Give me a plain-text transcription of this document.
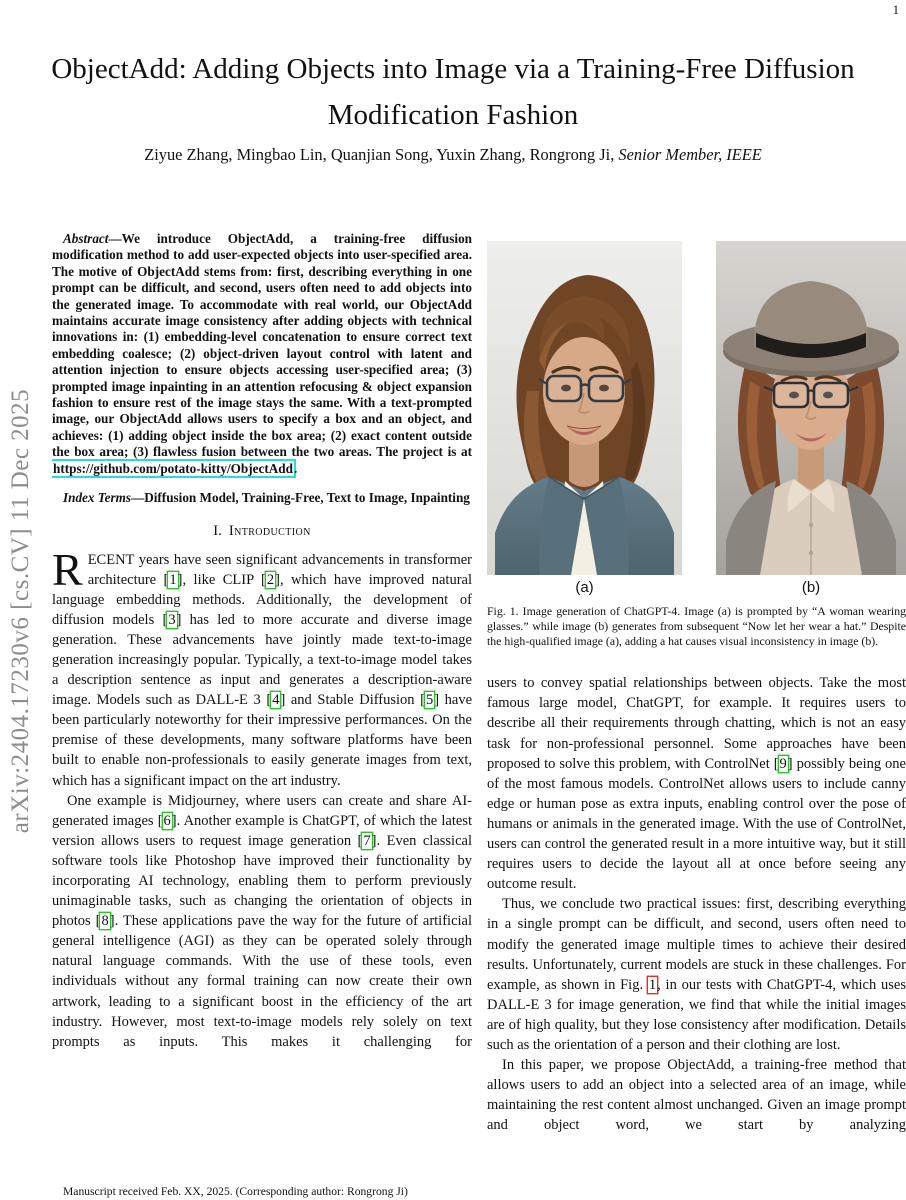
1
arXiv:2404.17230v6 [cs.CV] 11 Dec 2025
ObjectAdd: Adding Objects into Image via a Training-Free Diffusion
Modification Fashion
Ziyue Zhang, Mingbao Lin, Quanjian Song, Yuxin Zhang, Rongrong Ji, Senior Member, IEEE

Abstract—We introduce ObjectAdd, a training-free diffusion modification method to add user-expected objects into user-specified area. The motive of ObjectAdd stems from: first, describing everything in one prompt can be difficult, and second, users often need to add objects into the generated image. To accommodate with real world, our ObjectAdd maintains accurate image consistency after adding objects with technical innovations in: (1) embedding-level concatenation to ensure correct text embedding coalesce; (2) object-driven layout control with latent and attention injection to ensure objects accessing user-specified area; (3) prompted image inpainting in an attention refocusing & object expansion fashion to ensure rest of the image stays the same. With a text-prompted image, our ObjectAdd allows users to specify a box and an object, and achieves: (1) adding object inside the box area; (2) exact content outside the box area; (3) flawless fusion between the two areas. The project is at https://github.com/potato-kitty/ObjectAdd.

Index Terms—Diffusion Model, Training-Free, Text to Image, Inpainting

I. Introduction

RECENT years have seen significant advancements in transformer architecture [1], like CLIP [2], which have improved natural language embedding methods. Additionally, the development of diffusion models [3] has led to more accurate and diverse image generation. These advancements have jointly made text-to-image generation increasingly popular. Typically, a text-to-image model takes a description sentence as input and generates a description-aware image. Models such as DALL-E 3 [4] and Stable Diffusion [5] have been particularly noteworthy for their impressive performances. On the premise of these developments, many software platforms have been built to enable non-professionals to easily generate images from text, which has a significant impact on the art industry.

One example is Midjourney, where users can create and share AI-generated images [6]. Another example is ChatGPT, of which the latest version allows users to request image generation [7]. Even classical software tools like Photoshop have improved their functionality by incorporating AI technology, enabling them to perform previously unimaginable tasks, such as changing the orientation of objects in photos [8]. These applications pave the way for the future of artificial general intelligence (AGI) as they can be operated solely through natural language commands. With the use of these tools, even individuals without any formal training can now create their own artwork, leading to a significant boost in the efficiency of the art industry. However, most text-to-image models rely solely on text prompts as inputs. This makes it challenging for

Manuscript received Feb. XX, 2025. (Corresponding author: Rongrong Ji)
(a)	(b)
Fig. 1. Image generation of ChatGPT-4. Image (a) is prompted by “A woman wearing glasses.” while image (b) generates from subsequent “Now let her wear a hat.” Despite the high-qualified image (a), adding a hat causes visual inconsistency in image (b).

users to convey spatial relationships between objects. Take the most famous large model, ChatGPT, for example. It requires users to describe all their requirements through chatting, which is not an easy task for non-professional personnel. Some approaches have been proposed to solve this problem, with ControlNet [9] possibly being one of the most famous models. ControlNet allows users to include canny edge or human pose as extra inputs, enabling control over the pose of humans or animals in the generated image. With the use of ControlNet, users can control the generated result in a more intuitive way, but it still requires users to decide the layout all at once before seeing any outcome result.

Thus, we conclude two practical issues: first, describing everything in a single prompt can be difficult, and second, users often need to modify the generated image multiple times to achieve their desired results. Unfortunately, current models are stuck in these challenges. For example, as shown in Fig. 1, in our tests with ChatGPT-4, which uses DALL-E 3 for image generation, we find that while the initial images are of high quality, but they lose consistency after modification. Details such as the orientation of a person and their clothing are lost.

In this paper, we propose ObjectAdd, a training-free method that allows users to add an object into a selected area of an image, while maintaining the rest content almost unchanged. Given an image prompt and object word, we start by analyzing
